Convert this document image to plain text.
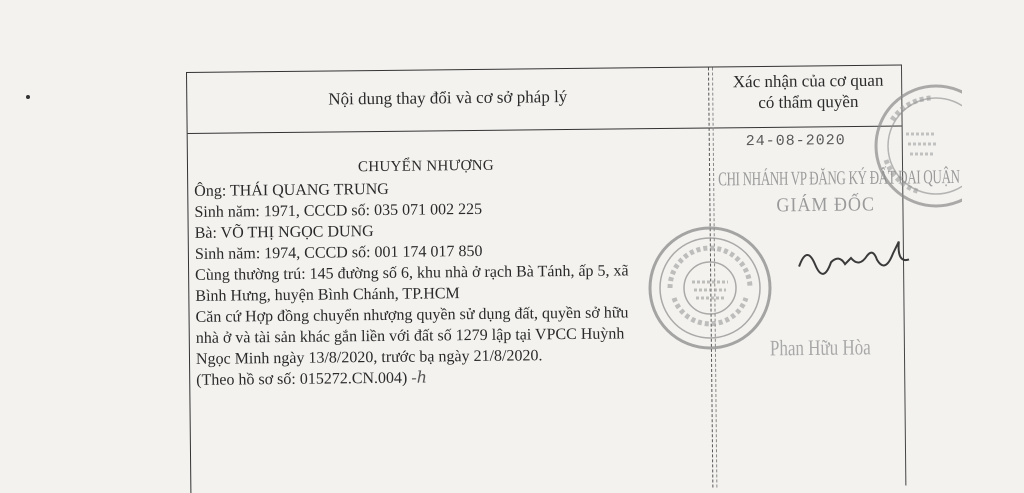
Nội dung thay đổi và cơ sở pháp lý
Xác nhận của cơ quan
có thẩm quyền
CHUYỂN NHƯỢNG
Ông: THÁI QUANG TRUNG
Sinh năm: 1971, CCCD số: 035 071 002 225
Bà: VÕ THỊ NGỌC DUNG
Sinh năm: 1974, CCCD số: 001 174 017 850
Cùng thường trú: 145 đường số 6, khu nhà ở rạch Bà Tánh, ấp 5, xã
Bình Hưng, huyện Bình Chánh, TP.HCM
Căn cứ Hợp đồng chuyển nhượng quyền sử dụng đất, quyền sở hữu
nhà ở và tài sản khác gắn liền với đất số 1279 lập tại VPCC Huỳnh
Ngọc Minh ngày 13/8/2020, trước bạ ngày 21/8/2020.
(Theo hồ sơ số: 015272.CN.004) -ℎ
24-08-2020
CHI NHÁNH VP ĐĂNG KÝ ĐẤT ĐAI QUẬN
GIÁM ĐỐC
Phan Hữu Hòa
